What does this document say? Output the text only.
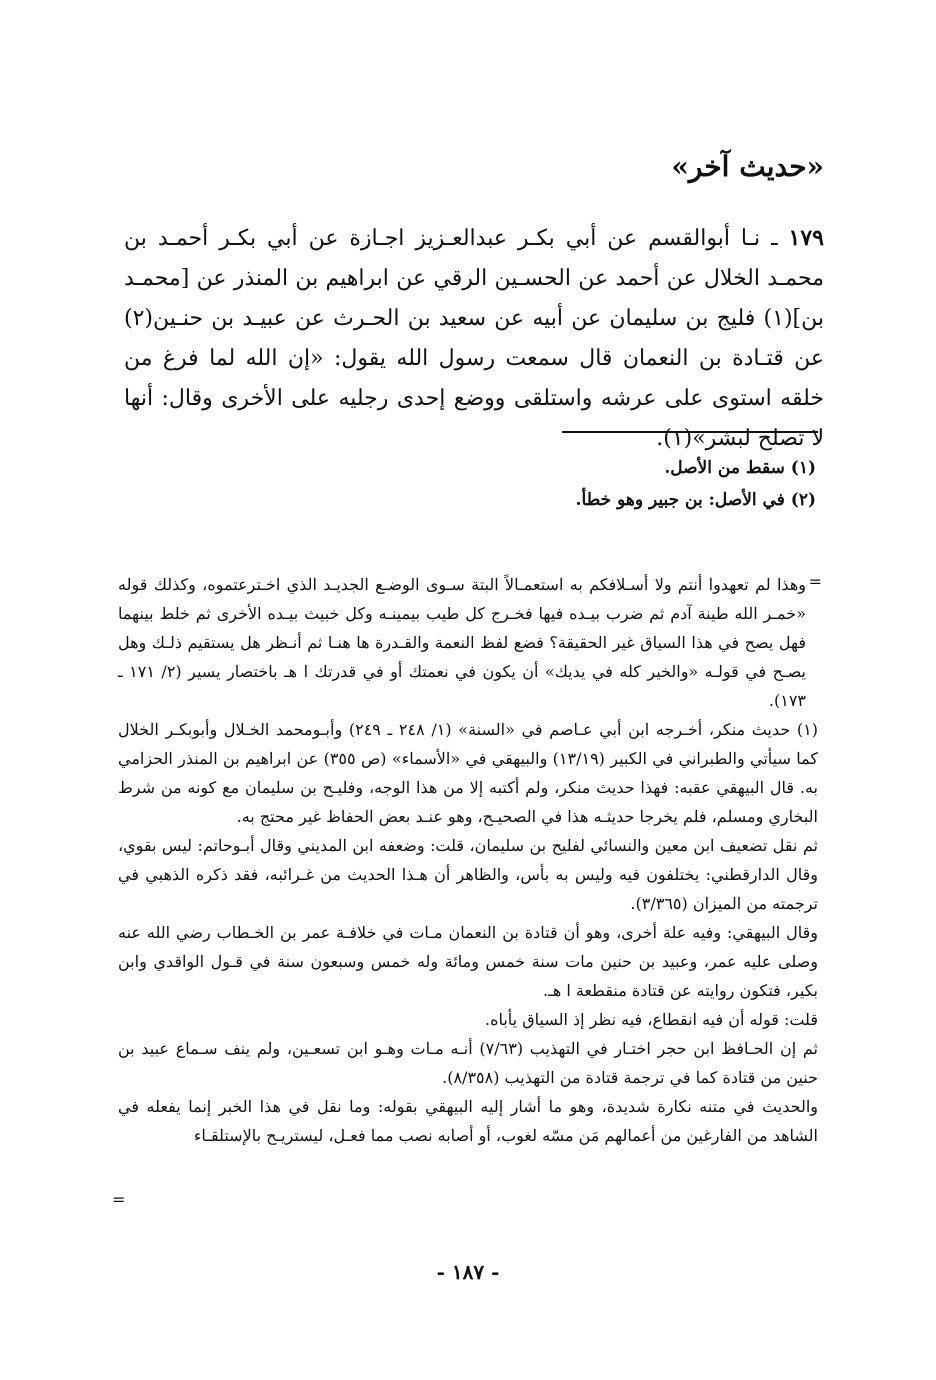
«حديث آخر»

١٧٩ ـ نـا أبوالقسم عن أبي بكـر عبدالعـزيز اجـازة عن أبي بكـر أحمـد بن محمـد الخلال عن أحمد عن الحسـين الرقي عن ابراهيم بن المنذر عن [محمـد بن](١) فليج بن سليمان عن أبيه عن سعيد بن الحـرث عن عبيـد بن حنـين(٢) عن قتـادة بن النعمان قال سمعت رسول الله يقول: «إن الله لما فرغ من خلقه استوى على عرشه واستلقى ووضع إحدى رجليه على الأخرى وقال: أنها لا تصلح لبشر»(١).

(١) سقط من الأصل.
(٢) في الأصل: بن جبير وهو خطأ.
=

وهذا لم تعهدوا أنتم ولا أسـلافكم به استعمـالاً البتة سـوى الوضـع الجديـد الذي اخـترعتموه، وكذلك قوله «خمـر الله طينة آدم ثم ضرب بيـده فيها فخـرج كل طيب بيمينـه وكل خبيث بيـده الأخرى ثم خلط بينهما فهل يصح في هذا السياق غير الحقيقة؟ فضع لفظ النعمة والقـدرة ها هنـا ثم أنـظر هل يستقيم ذلـك وهل يصـح في قولـه «والخير كله في يديك» أن يكون في نعمتك أو في قدرتك ا هـ باختصار يسير (٢/ ١٧١ ـ ١٧٣).

(١) حديث منكر، أخـرجه ابن أبي عـاصم في «السنة» (١/ ٢٤٨ ـ ٢٤٩) وأبـومحمد الخـلال وأبوبكـر الخلال كما سيأتي والطبراني في الكبير (١٣/١٩) والبيهقي في «الأسماء» (ص ٣٥٥) عن ابراهيم بن المنذر الحزامي به. قال البيهقي عقبه: فهذا حديث منكر، ولم أكتبه إلا من هذا الوجه، وفليـح بن سليمان مع كونه من شرط البخاري ومسلم، فلم يخرجا حديثـه هذا في الصحيـح، وهو عنـد بعض الحفاظ غير محتج به.

ثم نقل تضعيف ابن معين والنسائي لفليح بن سليمان، قلت: وضعفه ابن المديني وقال أبـوحاتم: ليس بقوي، وقال الدارقطني: يختلفون فيه وليس به بأس، والظاهر أن هـذا الحديث من غـرائبه، فقد ذكره الذهبي في ترجمته من الميزان (٣/٣٦٥).

وقال البيهقي: وفيه علة أخرى، وهو أن قتادة بن النعمان مـات في خلافـة عمر بن الخـطاب رضي الله عنه وصلى عليه عمر، وعبيد بن حنين مات سنة خمس ومائة وله خمس وسبعون سنة في قـول الواقدي وابن بكير، فتكون روايته عن قتادة منقطعة ا هـ.

قلت: قوله أن فيه انقطاع، فيه نظر إذ السياق يأباه.

ثم إن الحـافظ ابن حجر اختـار في التهذيب (٧/٦٣) أنـه مـات وهـو ابن تسعـين، ولم ينف سـماع عبيد بن حنين من قتادة كما في ترجمة قتادة من التهذيب (٨/٣٥٨).

والحديث في متنه نكارة شديدة، وهو ما أشار إليه البيهقي بقوله: وما نقل في هذا الخبر إنما يفعله في الشاهد من الفارغين من أعمالهم مَن مسّه لغوب، أو أصابه نصب مما فعـل، ليستريـح بالإستلقـاء

=
- ١٨٧ -
